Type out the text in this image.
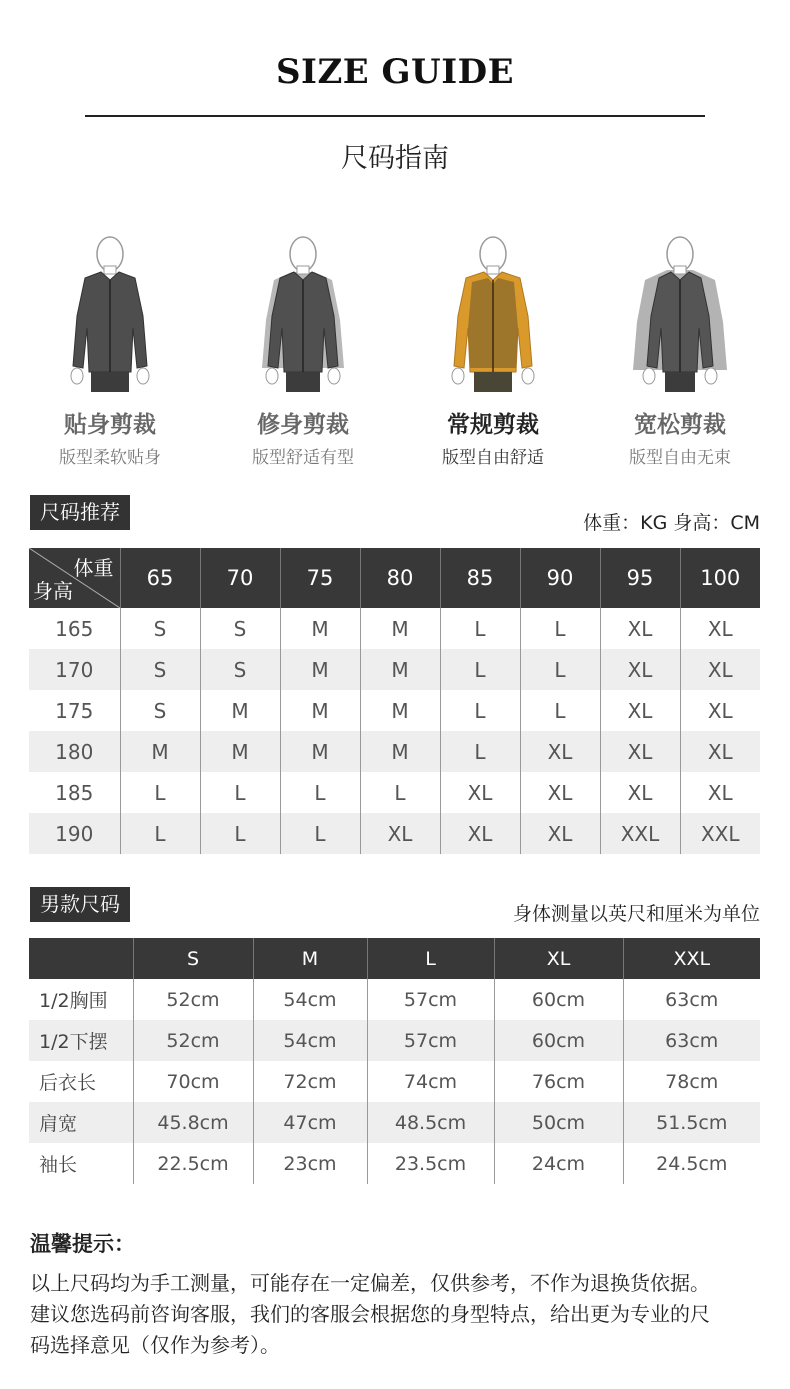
SIZE GUIDE
尺码指南
贴身剪裁
版型柔软贴身
修身剪裁
版型舒适有型
常规剪裁
版型自由舒适
宽松剪裁
版型自由无束
尺码推荐	体重：KG 身高：CM
体重
身高	65	70	75	80	85	90	95	100
165	S	S	M	M	L	L	XL	XL
170	S	S	M	M	L	L	XL	XL
175	S	M	M	M	L	L	XL	XL
180	M	M	M	M	L	XL	XL	XL
185	L	L	L	L	XL	XL	XL	XL
190	L	L	L	XL	XL	XL	XXL	XXL
男款尺码	身体测量以英尺和厘米为单位
	S	M	L	XL	XXL
1/2胸围	52cm	54cm	57cm	60cm	63cm
1/2下摆	52cm	54cm	57cm	60cm	63cm
后衣长	70cm	72cm	74cm	76cm	78cm
肩宽	45.8cm	47cm	48.5cm	50cm	51.5cm
袖长	22.5cm	23cm	23.5cm	24cm	24.5cm
温馨提示：
以上尺码均为手工测量，可能存在一定偏差，仅供参考，不作为退换货依据。
建议您选码前咨询客服，我们的客服会根据您的身型特点，给出更为专业的尺
码选择意见（仅作为参考）。
